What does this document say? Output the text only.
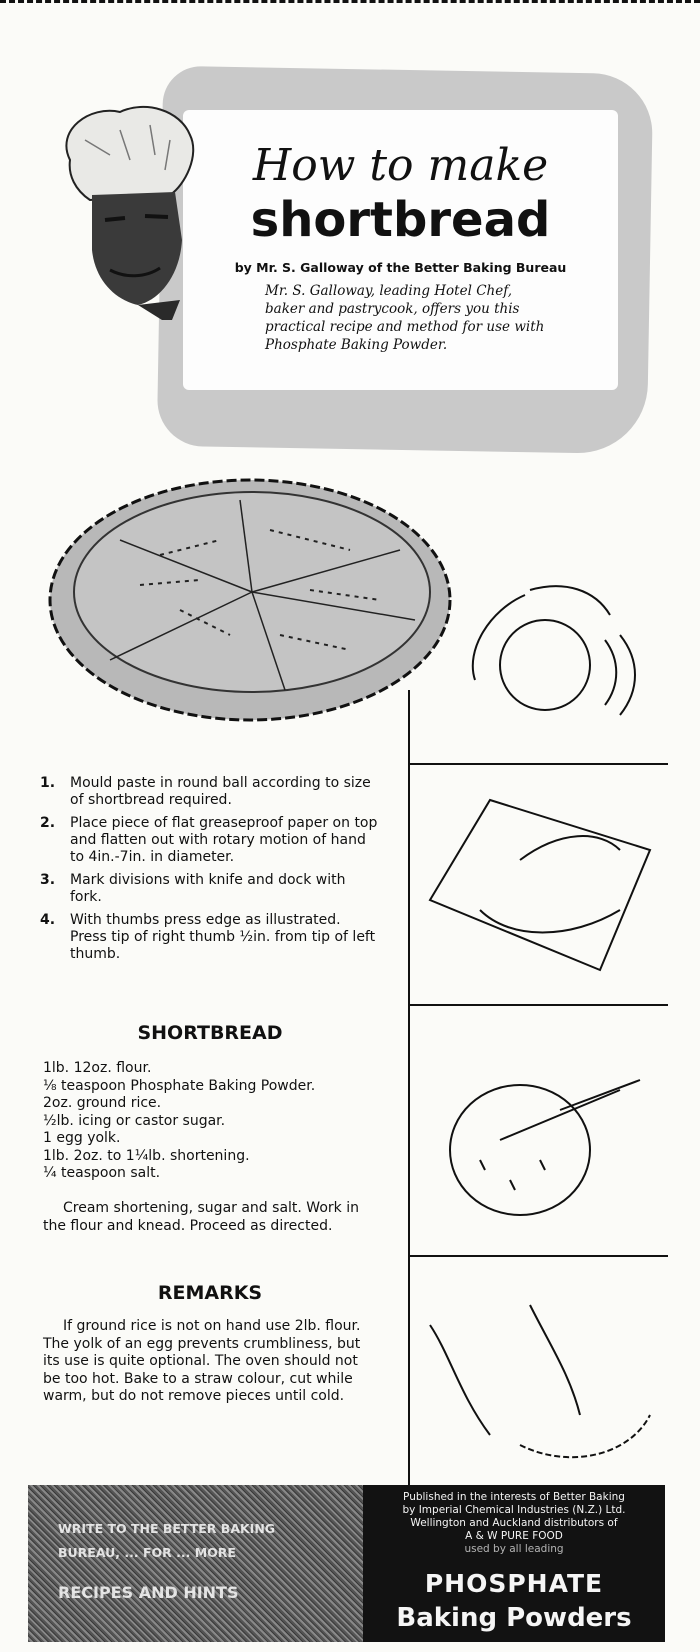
How to make
shortbread
by Mr. S. Galloway of the Better Baking Bureau
Mr. S. Galloway, leading Hotel Chef,
baker and pastrycook, offers you this
practical recipe and method for use with
Phosphate Baking Powder.
1.	Mould paste in round ball according to size of shortbread required.
2.	Place piece of flat greaseproof paper on top and flatten out with rotary motion of hand to 4in.-7in. in diameter.
3.	Mark divisions with knife and dock with fork.
4.	With thumbs press edge as illustrated. Press tip of right thumb ½in. from tip of left thumb.
SHORTBREAD
1lb. 12oz. flour.
⅛ teaspoon Phosphate Baking Powder.
2oz. ground rice.
½lb. icing or castor sugar.
1 egg yolk.
1lb. 2oz. to 1¼lb. shortening.
¼ teaspoon salt.
Cream shortening, sugar and salt. Work in the flour and knead. Proceed as directed.
REMARKS
If ground rice is not on hand use 2lb. flour. The yolk of an egg prevents crumbliness, but its use is quite optional. The oven should not be too hot. Bake to a straw colour, cut while warm, but do not remove pieces until cold.
WRITE TO THE BETTER BAKING
BUREAU, ... FOR ... MORE
RECIPES AND HINTS
Published in the interests of Better Baking
by Imperial Chemical Industries (N.Z.) Ltd.
Wellington and Auckland distributors of
A & W PURE FOOD
used by all leading
PHOSPHATE
Baking Powders
